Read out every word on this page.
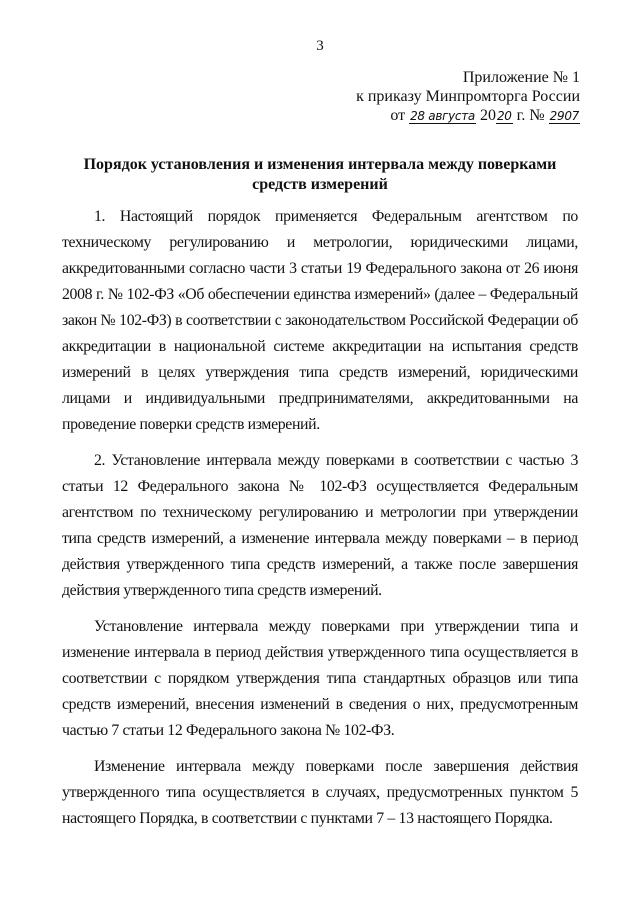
3
Приложение № 1
к приказу Минпромторга России
от 28 августа 2020 г. № 2907
Порядок установления и изменения интервала между поверками
средств измерений

1. Настоящий порядок применяется Федеральным агентством по техническому регулированию и метрологии, юридическими лицами, аккредитованными согласно части 3 статьи 19 Федерального закона от 26 июня 2008 г. № 102-ФЗ «Об обеспечении единства измерений» (далее – Федеральный закон № 102-ФЗ) в соответствии с законодательством Российской Федерации об аккредитации в национальной системе аккредитации на испытания средств измерений в целях утверждения типа средств измерений, юридическими лицами и индивидуальными предпринимателями, аккредитованными на проведение поверки средств измерений.

2. Установление интервала между поверками в соответствии с частью 3 статьи 12 Федерального закона № 102-ФЗ осуществляется Федеральным агентством по техническому регулированию и метрологии при утверждении типа средств измерений, а изменение интервала между поверками – в период действия утвержденного типа средств измерений, а также после завершения действия утвержденного типа средств измерений.

Установление интервала между поверками при утверждении типа и изменение интервала в период действия утвержденного типа осуществляется в соответствии с порядком утверждения типа стандартных образцов или типа средств измерений, внесения изменений в сведения о них, предусмотренным частью 7 статьи 12 Федерального закона № 102-ФЗ.

Изменение интервала между поверками после завершения действия утвержденного типа осуществляется в случаях, предусмотренных пунктом 5 настоящего Порядка, в соответствии с пунктами 7 – 13 настоящего Порядка.
